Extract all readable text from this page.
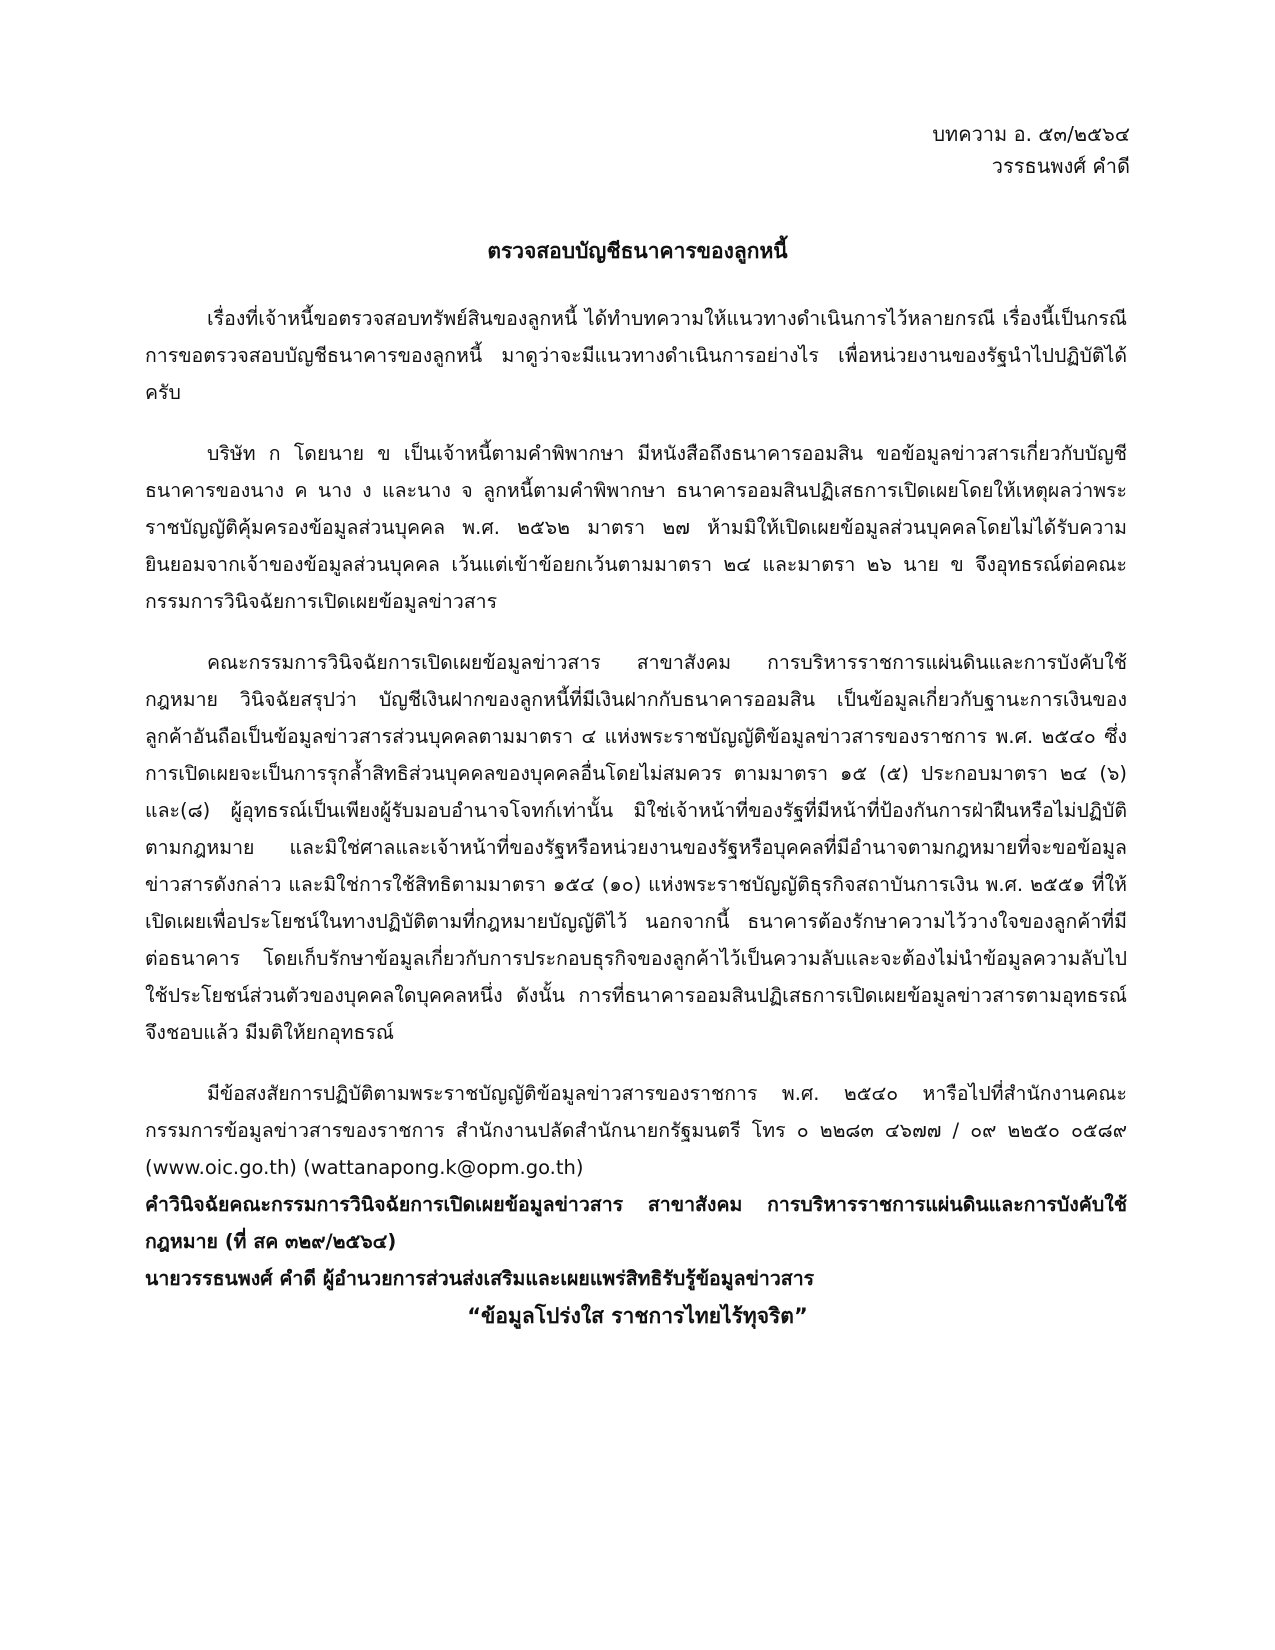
บทความ อ. ๕๓/๒๕๖๔
วรรธนพงศ์ คำดี
ตรวจสอบบัญชีธนาคารของลูกหนี้

เรื่องที่เจ้าหนี้ขอตรวจสอบทรัพย์สินของลูกหนี้ ได้ทำบทความให้แนวทางดำเนินการไว้หลายกรณี เรื่องนี้เป็นกรณีการขอตรวจสอบบัญชีธนาคารของลูกหนี้ มาดูว่าจะมีแนวทางดำเนินการอย่างไร เพื่อหน่วยงานของรัฐนำไปปฏิบัติได้ครับ

บริษัท ก โดยนาย ข เป็นเจ้าหนี้ตามคำพิพากษา มีหนังสือถึงธนาคารออมสิน ขอข้อมูลข่าวสารเกี่ยวกับบัญชีธนาคารของนาง ค นาง ง และนาง จ ลูกหนี้ตามคำพิพากษา ธนาคารออมสินปฏิเสธการเปิดเผยโดยให้เหตุผลว่าพระราชบัญญัติคุ้มครองข้อมูลส่วนบุคคล พ.ศ. ๒๕๖๒ มาตรา ๒๗ ห้ามมิให้เปิดเผยข้อมูลส่วนบุคคลโดยไม่ได้รับความยินยอมจากเจ้าของข้อมูลส่วนบุคคล เว้นแต่เข้าข้อยกเว้นตามมาตรา ๒๔ และมาตรา ๒๖ นาย ข จึงอุทธรณ์ต่อคณะกรรมการวินิจฉัยการเปิดเผยข้อมูลข่าวสาร

คณะกรรมการวินิจฉัยการเปิดเผยข้อมูลข่าวสาร สาขาสังคม การบริหารราชการแผ่นดินและการบังคับใช้กฎหมาย วินิจฉัยสรุปว่า บัญชีเงินฝากของลูกหนี้ที่มีเงินฝากกับธนาคารออมสิน เป็นข้อมูลเกี่ยวกับฐานะการเงินของลูกค้าอันถือเป็นข้อมูลข่าวสารส่วนบุคคลตามมาตรา ๔ แห่งพระราชบัญญัติข้อมูลข่าวสารของราชการ พ.ศ. ๒๕๔๐ ซึ่งการเปิดเผยจะเป็นการรุกล้ำสิทธิส่วนบุคคลของบุคคลอื่นโดยไม่สมควร ตามมาตรา ๑๕ (๕) ประกอบมาตรา ๒๔ (๖) และ(๘) ผู้อุทธรณ์เป็นเพียงผู้รับมอบอำนาจโจทก์เท่านั้น มิใช่เจ้าหน้าที่ของรัฐที่มีหน้าที่ป้องกันการฝ่าฝืนหรือไม่ปฏิบัติตามกฎหมาย และมิใช่ศาลและเจ้าหน้าที่ของรัฐหรือหน่วยงานของรัฐหรือบุคคลที่มีอำนาจตามกฎหมายที่จะขอข้อมูลข่าวสารดังกล่าว และมิใช่การใช้สิทธิตามมาตรา ๑๕๔ (๑๐) แห่งพระราชบัญญัติธุรกิจสถาบันการเงิน พ.ศ. ๒๕๕๑ ที่ให้เปิดเผยเพื่อประโยชน์ในทางปฏิบัติตามที่กฎหมายบัญญัติไว้ นอกจากนี้ ธนาคารต้องรักษาความไว้วางใจของลูกค้าที่มีต่อธนาคาร โดยเก็บรักษาข้อมูลเกี่ยวกับการประกอบธุรกิจของลูกค้าไว้เป็นความลับและจะต้องไม่นำข้อมูลความลับไปใช้ประโยชน์ส่วนตัวของบุคคลใดบุคคลหนึ่ง ดังนั้น การที่ธนาคารออมสินปฏิเสธการเปิดเผยข้อมูลข่าวสารตามอุทธรณ์จึงชอบแล้ว มีมติให้ยกอุทธรณ์

มีข้อสงสัยการปฏิบัติตามพระราชบัญญัติข้อมูลข่าวสารของราชการ พ.ศ. ๒๕๔๐ หารือไปที่สำนักงานคณะกรรมการข้อมูลข่าวสารของราชการ สำนักงานปลัดสำนักนายกรัฐมนตรี โทร ๐ ๒๒๘๓ ๔๖๗๗ / ๐๙ ๒๒๕๐ ๐๕๘๙ (www.oic.go.th) (wattanapong.k@opm.go.th)

คำวินิจฉัยคณะกรรมการวินิจฉัยการเปิดเผยข้อมูลข่าวสาร สาขาสังคม การบริหารราชการแผ่นดินและการบังคับใช้กฎหมาย (ที่ สค ๓๒๙/๒๕๖๔)

นายวรรธนพงศ์ คำดี ผู้อำนวยการส่วนส่งเสริมและเผยแพร่สิทธิรับรู้ข้อมูลข่าวสาร

“ข้อมูลโปร่งใส ราชการไทยไร้ทุจริต”
